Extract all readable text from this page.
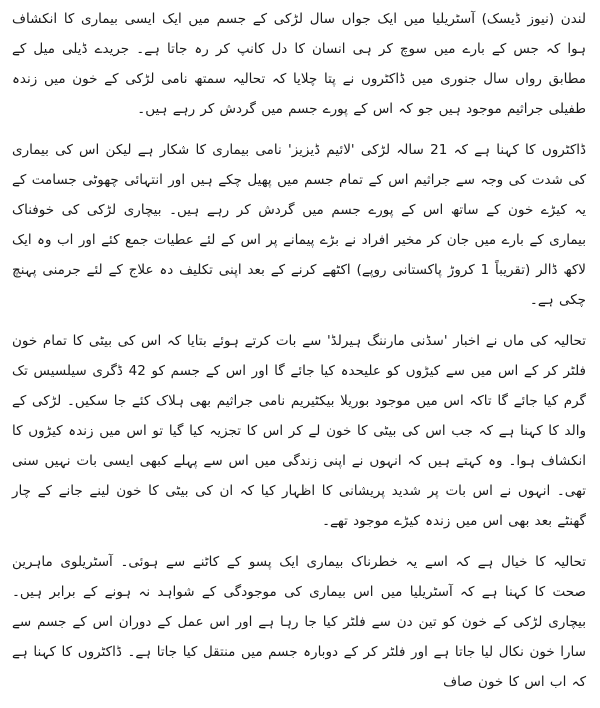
لندن (نیوز ڈیسک) آسٹریلیا میں ایک جواں سال لڑکی کے جسم میں ایک ایسی بیماری کا انکشاف ہوا کہ جس کے بارے میں سوچ کر ہی انسان کا دل کانپ کر رہ جاتا ہے۔ جریدے ڈیلی میل کے مطابق رواں سال جنوری میں ڈاکٹروں نے پتا چلایا کہ تحالیہ سمتھ نامی لڑکی کے خون میں زندہ طفیلی جراثیم موجود ہیں جو کہ اس کے پورے جسم میں گردش کر رہے ہیں۔

ڈاکٹروں کا کہنا ہے کہ 21 سالہ لڑکی 'لائیم ڈیزیز' نامی بیماری کا شکار ہے لیکن اس کی بیماری کی شدت کی وجہ سے جراثیم اس کے تمام جسم میں پھیل چکے ہیں اور انتہائی چھوٹی جسامت کے یہ کیڑے خون کے ساتھ اس کے پورے جسم میں گردش کر رہے ہیں۔ بیچاری لڑکی کی خوفناک بیماری کے بارے میں جان کر مخیر افراد نے بڑے پیمانے پر اس کے لئے عطیات جمع کئے اور اب وہ ایک لاکھ ڈالر (تقریباً 1 کروڑ پاکستانی روپے) اکٹھے کرنے کے بعد اپنی تکلیف دہ علاج کے لئے جرمنی پہنچ چکی ہے۔

تحالیہ کی ماں نے اخبار 'سڈنی مارننگ ہیرلڈ' سے بات کرتے ہوئے بتایا کہ اس کی بیٹی کا تمام خون فلٹر کر کے اس میں سے کیڑوں کو علیحدہ کیا جائے گا اور اس کے جسم کو 42 ڈگری سیلسیس تک گرم کیا جائے گا تاکہ اس میں موجود بوریلا بیکٹیریم نامی جراثیم بھی ہلاک کئے جا سکیں۔ لڑکی کے والد کا کہنا ہے کہ جب اس کی بیٹی کا خون لے کر اس کا تجزیہ کیا گیا تو اس میں زندہ کیڑوں کا انکشاف ہوا۔ وہ کہتے ہیں کہ انہوں نے اپنی زندگی میں اس سے پہلے کبھی ایسی بات نہیں سنی تھی۔ انہوں نے اس بات پر شدید پریشانی کا اظہار کیا کہ ان کی بیٹی کا خون لینے جانے کے چار گھنٹے بعد بھی اس میں زندہ کیڑے موجود تھے۔

تحالیہ کا خیال ہے کہ اسے یہ خطرناک بیماری ایک پسو کے کاٹنے سے ہوئی۔ آسٹریلوی ماہرین صحت کا کہنا ہے کہ آسٹریلیا میں اس بیماری کی موجودگی کے شواہد نہ ہونے کے برابر ہیں۔ بیچاری لڑکی کے خون کو تین دن سے فلٹر کیا جا رہا ہے اور اس عمل کے دوران اس کے جسم سے سارا خون نکال لیا جاتا ہے اور فلٹر کر کے دوبارہ جسم میں منتقل کیا جاتا ہے۔ ڈاکٹروں کا کہنا ہے کہ اب اس کا خون صاف
